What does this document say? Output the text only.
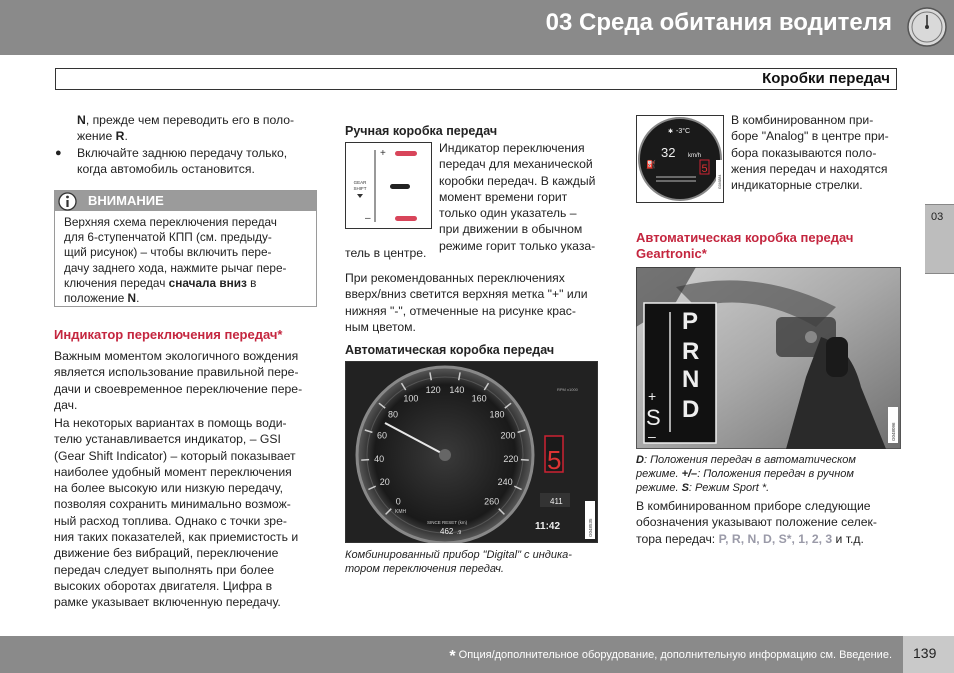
03 Среда обитания водителя
Коробки передач
03
N, прежде чем переводить его в поло-
жение R.
● Включайте заднюю передачу только,
когда автомобиль остановится.
ВНИМАНИЕ
Верхняя схема переключения передач
для 6-ступенчатой КПП (см. предыду-
щий рисунок) – чтобы включить пере-
дачу заднего хода, нажмите рычаг пере-
ключения передач сначала вниз в
положение N.
Индикатор переключения передач*
Важным моментом экологичного вождения
является использование правильной пере-
дачи и своевременное переключение пере-
дач.
На некоторых вариантах в помощь води-
телю устанавливается индикатор, – GSI
(Gear Shift Indicator) – который показывает
наиболее удобный момент переключения
на более высокую или низкую передачу,
позволяя сохранить минимально возмож-
ный расход топлива. Однако с точки зре-
ния таких показателей, как приемистость и
движение без вибраций, переключение
передач следует выполнять при более
высоких оборотах двигателя. Цифра в
рамке указывает включенную передачу.
Ручная коробка передач
+
–
GEAR
SHIFT
Индикатор переключения
передач для механической
коробки передач. В каждый
момент времени горит
только один указатель –
при движении в обычном
режиме горит только указа-
тель в центре.
При рекомендованных переключениях
вверх/вниз светится верхняя метка "+" или
нижняя "-", отмеченные на рисунке крас-
ным цветом.
Автоматическая коробка передач
0
20
40
60
80
100
120 140
160
180
200
220
240
260
KMH
SINCE RESET (km)
462 .9
5
RPM x1000
411
11:42	G048535
Комбинированный прибор "Digital" с индика-
тором переключения передач.
✱ -3°C
32 km/h
5
⛽
G046884
В комбинированном при-
боре "Analog" в центре при-
бора показываются поло-
жения передач и находятся
индикаторные стрелки.
Автоматическая коробка передач
Geartronic*
P
R
N
D
+
S
–	G048096
D: Положения передач в автоматическом
режиме. +/–: Положения передач в ручном
режиме. S: Режим Sport *.
В комбинированном приборе следующие
обозначения указывают положение селек-
тора передач: P, R, N, D, S*, 1, 2, 3 и т.д.
* Опция/дополнительное оборудование, дополнительную информацию см. Введение. 139
